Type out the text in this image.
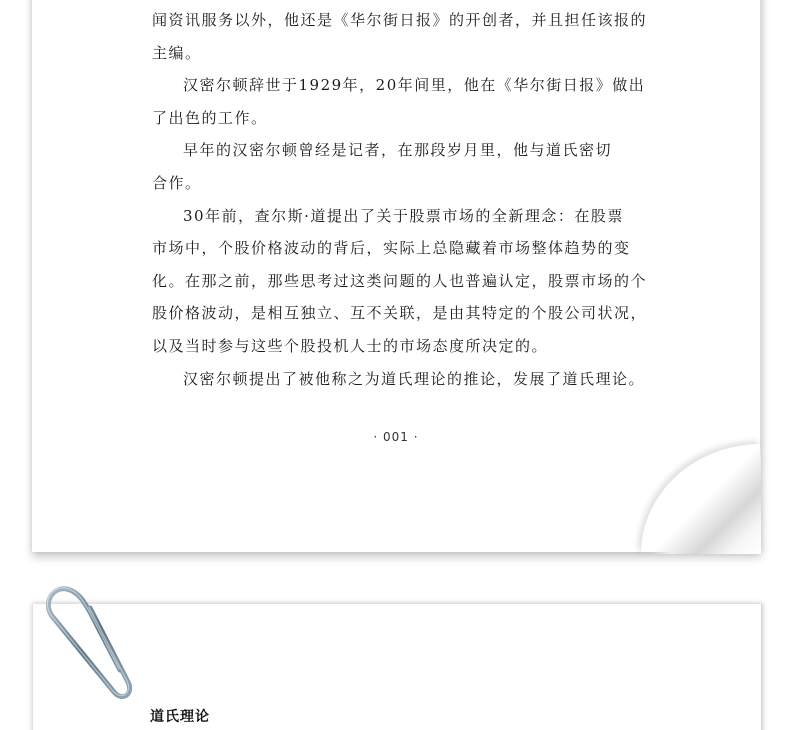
闻资讯服务以外，他还是《华尔街日报》的开创者，并且担任该报的
主编。
汉密尔顿辞世于1929年，20年间里，他在《华尔街日报》做出
了出色的工作。
早年的汉密尔顿曾经是记者，在那段岁月里，他与道氏密切
合作。
30年前，查尔斯·道提出了关于股票市场的全新理念：在股票
市场中，个股价格波动的背后，实际上总隐藏着市场整体趋势的变
化。在那之前，那些思考过这类问题的人也普遍认定，股票市场的个
股价格波动，是相互独立、互不关联，是由其特定的个股公司状况，
以及当时参与这些个股投机人士的市场态度所决定的。
汉密尔顿提出了被他称之为道氏理论的推论，发展了道氏理论。
· 001 ·
道氏理论
